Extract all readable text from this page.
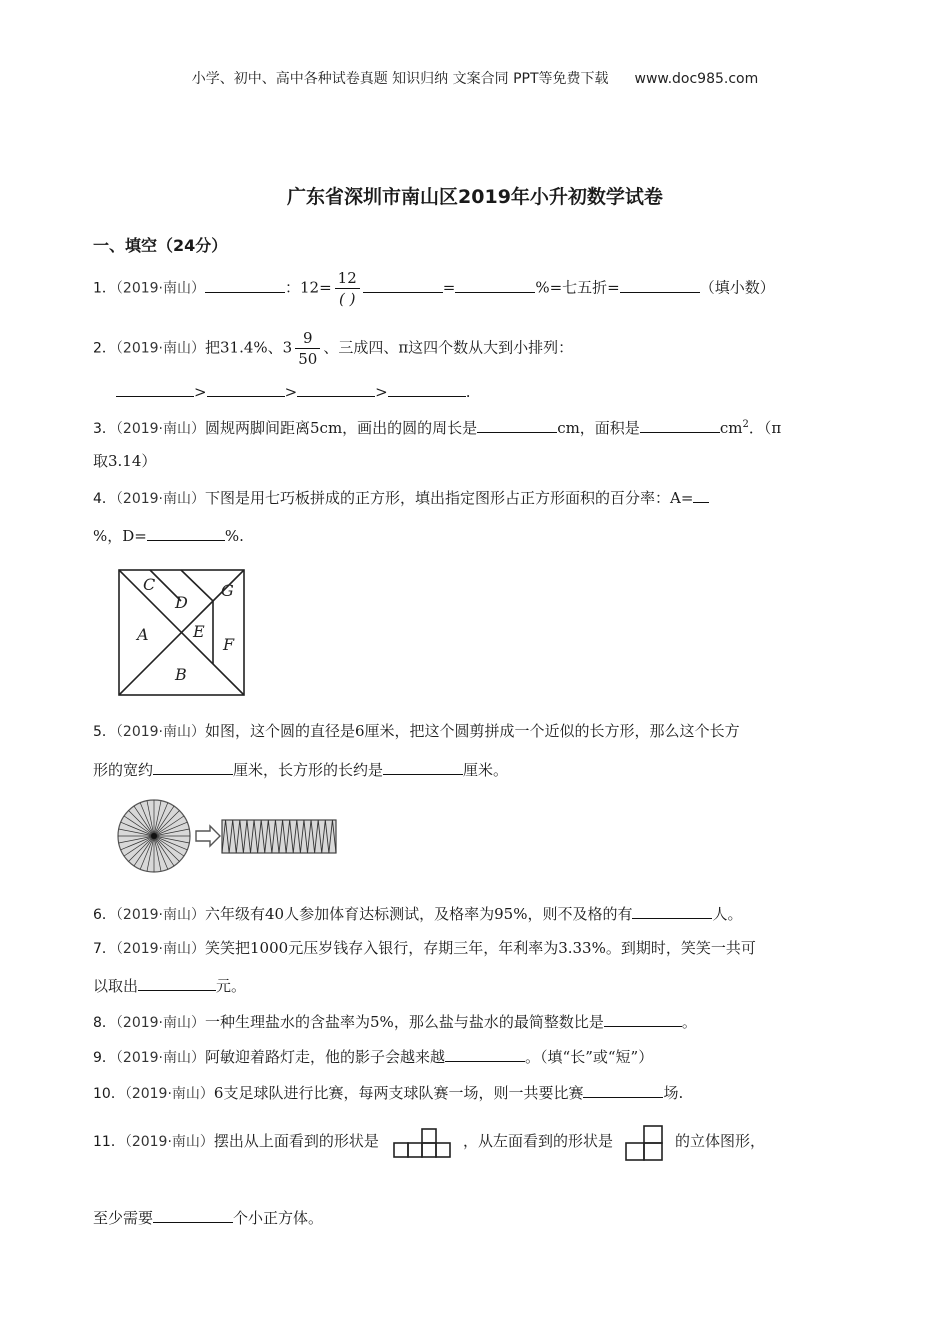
小学、初中、高中各种试卷真题 知识归纳 文案合同 PPT等免费下载 www.doc985.com
广东省深圳市南山区2019年小升初数学试卷
一、填空（24分）
1．（2019·南山）	：$12= \frac{12}{( )}$	=	%=七五折=	（填小数）
2．（2019·南山）把31.4%、$3 \frac{9}{50}$ 、三成四、π这四个数从大到小排列：
>	>	>	.
3．（2019·南山）圆规两脚间距离5cm，画出的圆的周长是	cm，面积是	$cm^2$．（π
取3.14）
4．（2019·南山）下图是用七巧板拼成的正方形，填出指定图形占正方形面积的百分率：A=
%，D=	%.
C
D
G
A	E
F
B
5．（2019·南山）如图，这个圆的直径是6厘米，把这个圆剪拼成一个近似的长方形，那么这个长方
形的宽约	厘米，长方形的长约是	厘米。
6．（2019·南山）六年级有40人参加体育达标测试，及格率为95%，则不及格的有	人。
7．（2019·南山）笑笑把1000元压岁钱存入银行，存期三年，年利率为3.33%。到期时，笑笑一共可
以取出	元。
8．（2019·南山）一种生理盐水的含盐率为5%，那么盐与盐水的最简整数比是	。
9．（2019·南山）阿敏迎着路灯走，他的影子会越来越	。（填“长”或“短”）
10．（2019·南山）6支足球队进行比赛，每两支球队赛一场，则一共要比赛	场.
11．（2019·南山）摆出从上面看到的形状是	，从左面看到的形状是	的立体图形，
至少需要	个小正方体。
